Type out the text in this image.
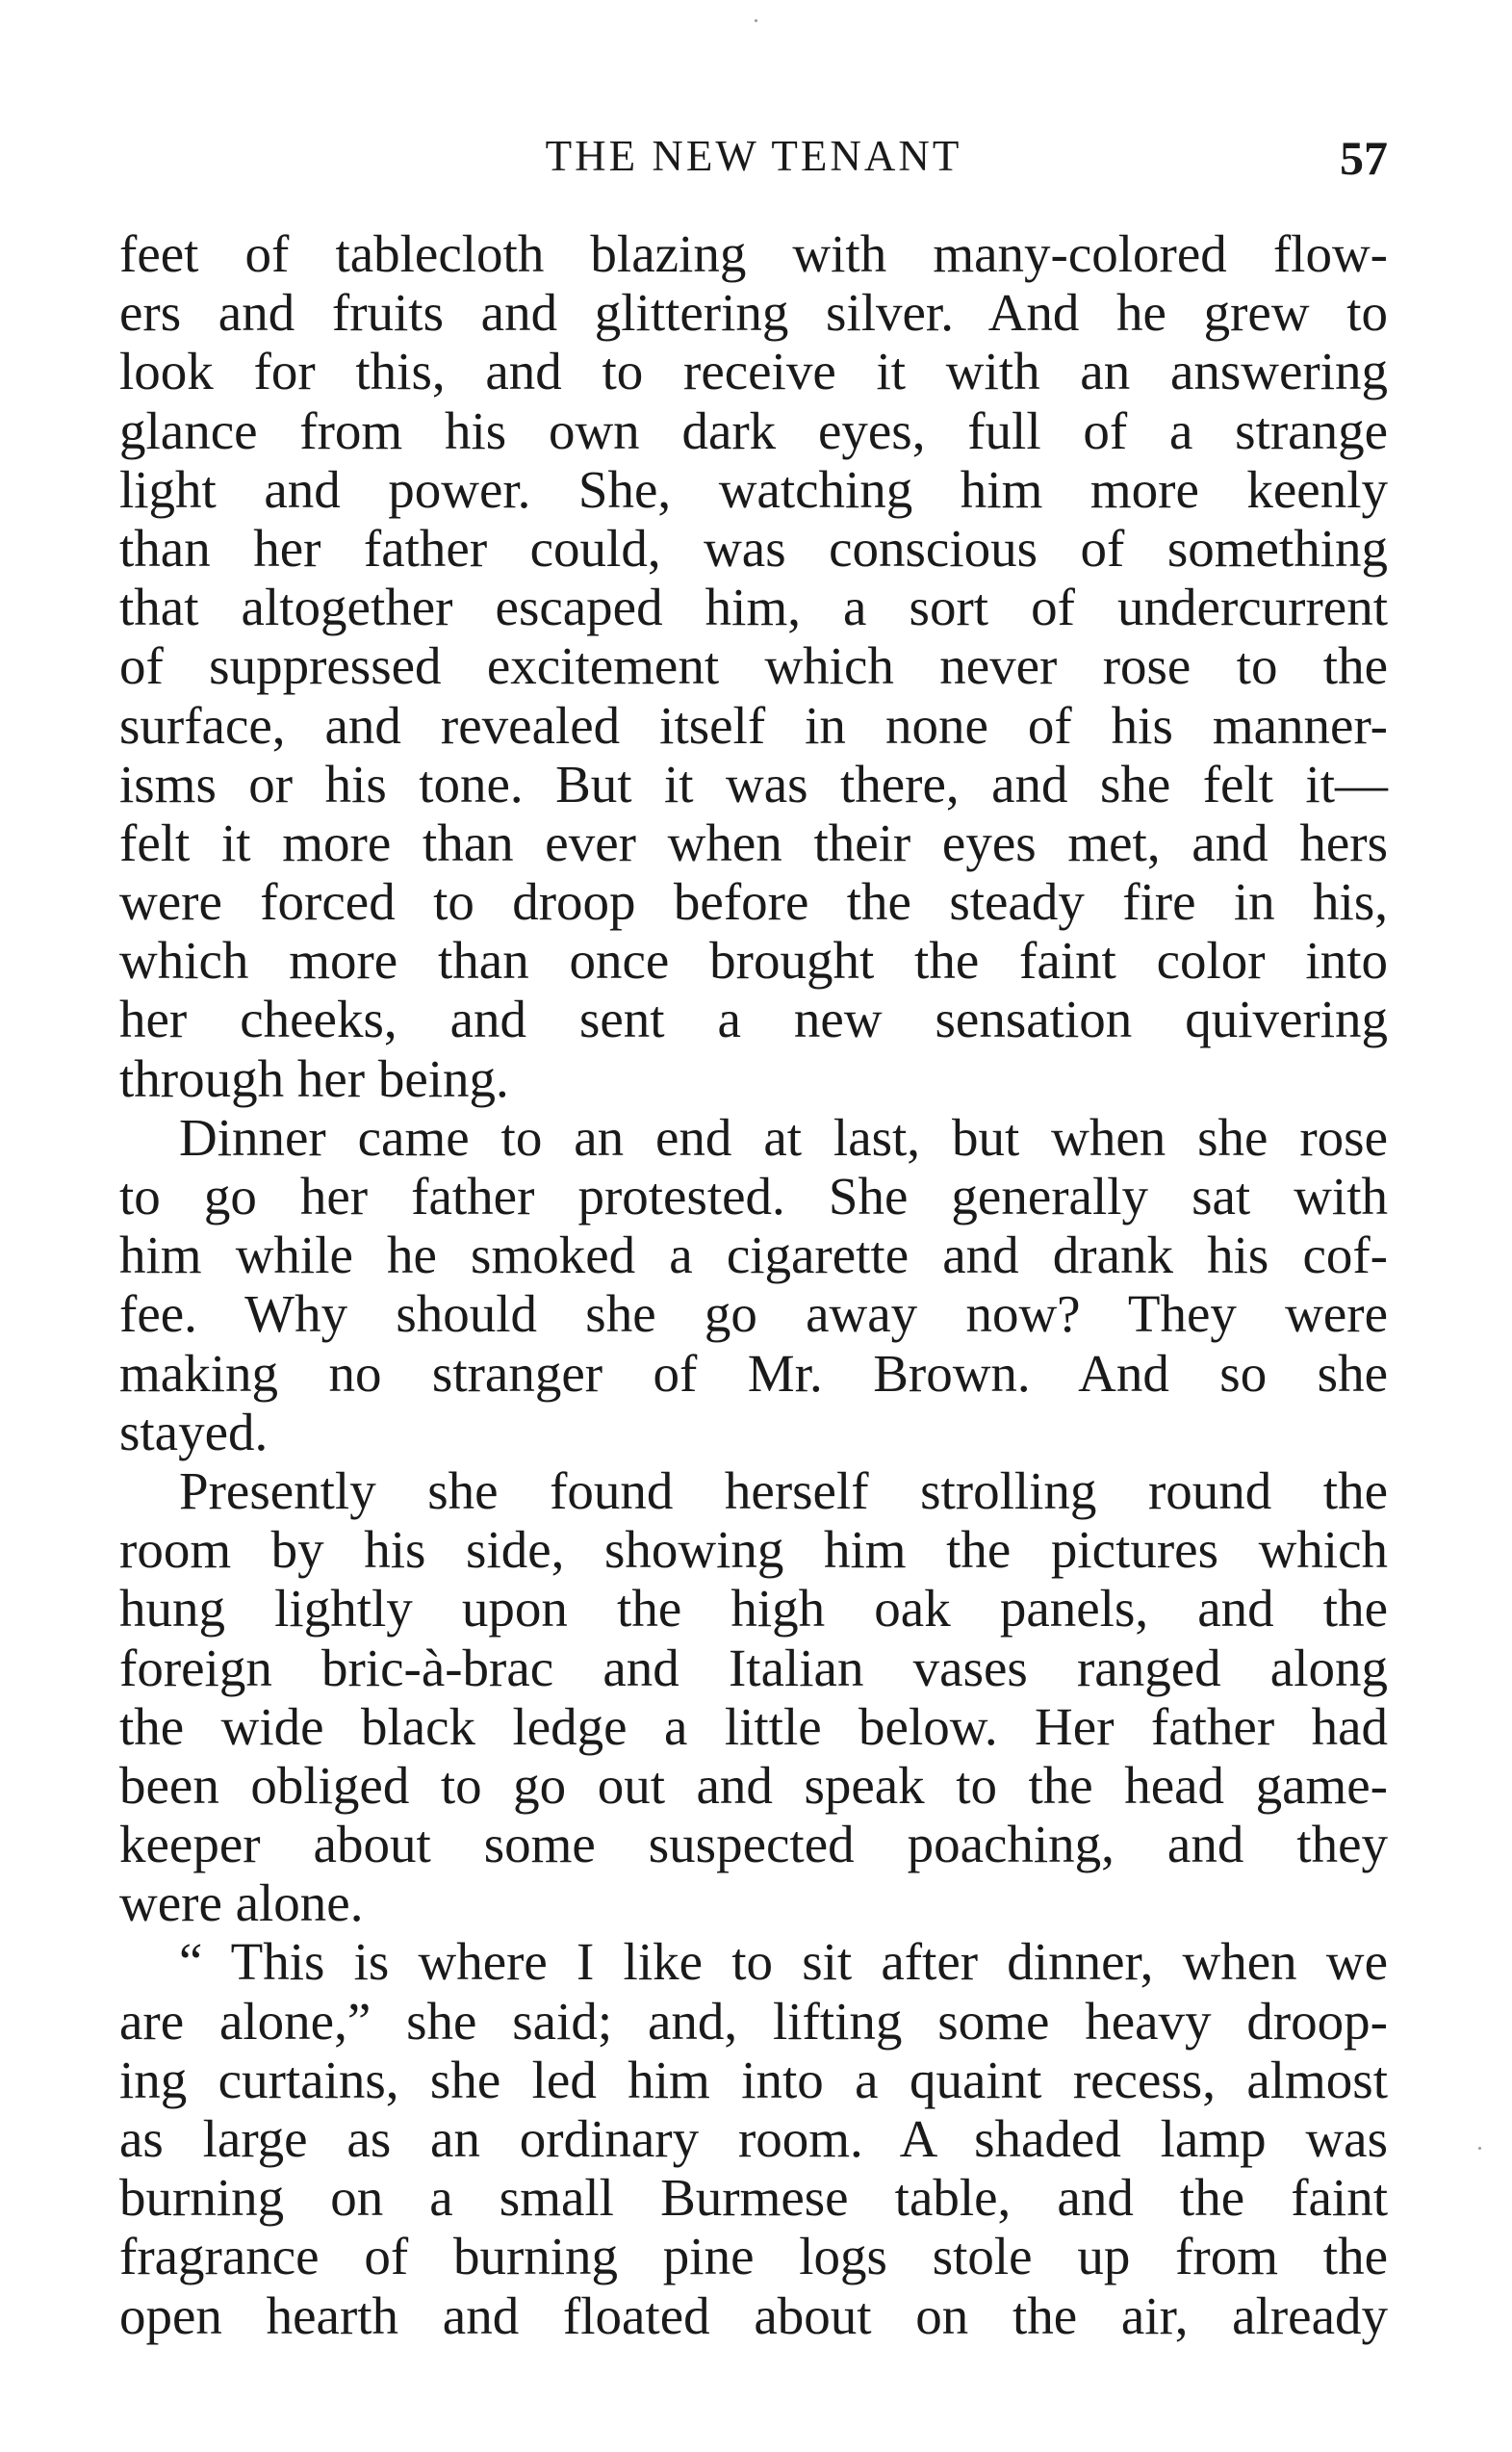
THE NEW TENANT	57
feet of tablecloth blazing with many-colored flow-
ers and fruits and glittering silver. And he grew to
look for this, and to receive it with an answering
glance from his own dark eyes, full of a strange
light and power. She, watching him more keenly
than her father could, was conscious of something
that altogether escaped him, a sort of undercurrent
of suppressed excitement which never rose to the
surface, and revealed itself in none of his manner-
isms or his tone. But it was there, and she felt it—
felt it more than ever when their eyes met, and hers
were forced to droop before the steady fire in his,
which more than once brought the faint color into
her cheeks, and sent a new sensation quivering
through her being.
Dinner came to an end at last, but when she rose
to go her father protested. She generally sat with
him while he smoked a cigarette and drank his cof-
fee. Why should she go away now? They were
making no stranger of Mr. Brown. And so she
stayed.
Presently she found herself strolling round the
room by his side, showing him the pictures which
hung lightly upon the high oak panels, and the
foreign bric-à-brac and Italian vases ranged along
the wide black ledge a little below. Her father had
been obliged to go out and speak to the head game-
keeper about some suspected poaching, and they
were alone.
“ This is where I like to sit after dinner, when we
are alone,” she said; and, lifting some heavy droop-
ing curtains, she led him into a quaint recess, almost
as large as an ordinary room. A shaded lamp was
burning on a small Burmese table, and the faint
fragrance of burning pine logs stole up from the
open hearth and floated about on the air, already
